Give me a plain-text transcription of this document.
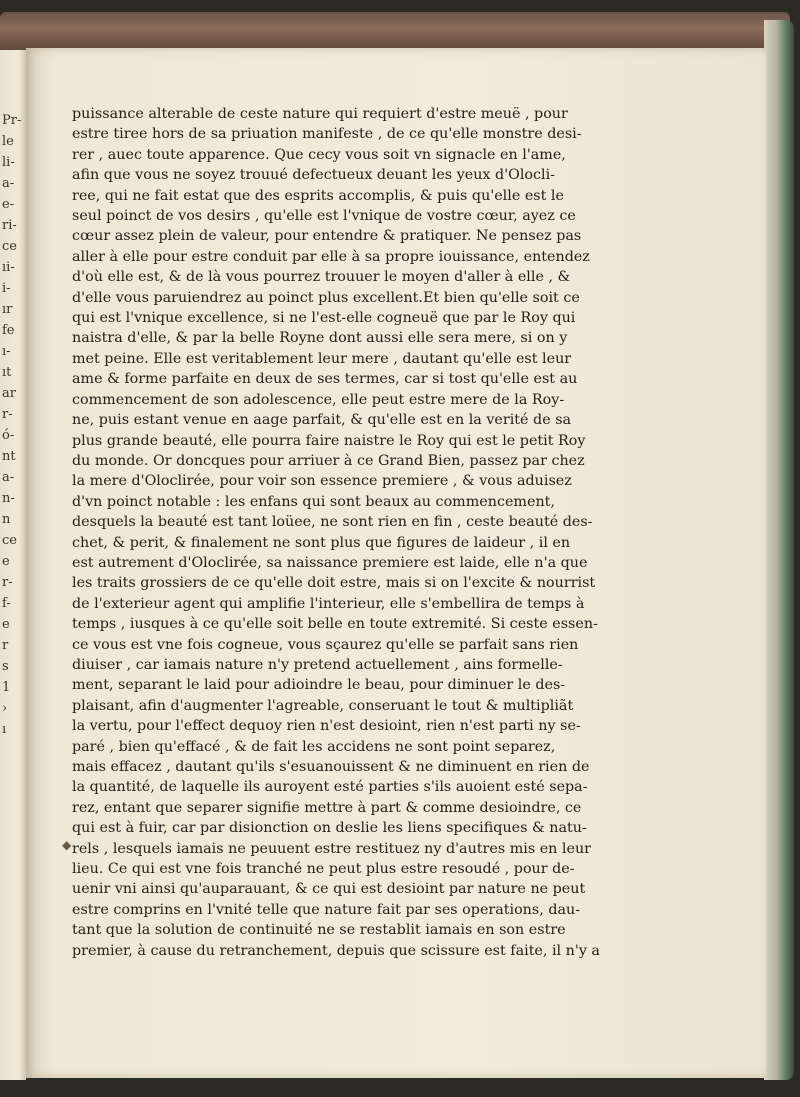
Pr-
le
li-
a-
e-
ri-
ce
ıi-
i-
ır
fe
ı-
ıt
ar
r-
ó-
nt
a-
n-
n
ce
e
r-
f-
e
r
s
1
›
ı
◆
puissance alterable de ceste nature qui requiert d'estre meuë , pour
estre tiree hors de sa priuation manifeste , de ce qu'elle monstre desi-
rer , auec toute apparence. Que cecy vous soit vn signacle en l'ame,
afin que vous ne soyez trouué defectueux deuant les yeux d'Olocli-
ree, qui ne fait estat que des esprits accomplis, & puis qu'elle est le
seul poinct de vos desirs , qu'elle est l'vnique de vostre cœur, ayez ce
cœur assez plein de valeur, pour entendre & pratiquer. Ne pensez pas
aller à elle pour estre conduit par elle à sa propre iouissance, entendez
d'où elle est, & de là vous pourrez trouuer le moyen d'aller à elle , &
d'elle vous paruiendrez au poinct plus excellent.Et bien qu'elle soit ce
qui est l'vnique excellence, si ne l'est-elle cogneuë que par le Roy qui
naistra d'elle, & par la belle Royne dont aussi elle sera mere, si on y
met peine. Elle est veritablement leur mere , dautant qu'elle est leur
ame & forme parfaite en deux de ses termes, car si tost qu'elle est au
commencement de son adolescence, elle peut estre mere de la Roy-
ne, puis estant venue en aage parfait, & qu'elle est en la verité de sa
plus grande beauté, elle pourra faire naistre le Roy qui est le petit Roy
du monde. Or doncques pour arriuer à ce Grand Bien, passez par chez
la mere d'Oloclirée, pour voir son essence premiere , & vous aduisez
d'vn poinct notable : les enfans qui sont beaux au commencement,
desquels la beauté est tant loüee, ne sont rien en fin , ceste beauté des-
chet, & perit, & finalement ne sont plus que figures de laideur , il en
est autrement d'Oloclirée, sa naissance premiere est laide, elle n'a que
les traits grossiers de ce qu'elle doit estre, mais si on l'excite & nourrist
de l'exterieur agent qui amplifie l'interieur, elle s'embellira de temps à
temps , iusques à ce qu'elle soit belle en toute extremité. Si ceste essen-
ce vous est vne fois cogneue, vous sçaurez qu'elle se parfait sans rien
diuiser , car iamais nature n'y pretend actuellement , ains formelle-
ment, separant le laid pour adioindre le beau, pour diminuer le des-
plaisant, afin d'augmenter l'agreable, conseruant le tout & multipliãt
la vertu, pour l'effect dequoy rien n'est desioint, rien n'est parti ny se-
paré , bien qu'effacé , & de fait les accidens ne sont point separez,
mais effacez , dautant qu'ils s'esuanouissent & ne diminuent en rien de
la quantité, de laquelle ils auroyent esté parties s'ils auoient esté sepa-
rez, entant que separer signifie mettre à part & comme desioindre, ce
qui est à fuir, car par disionction on deslie les liens specifiques & natu-
rels , lesquels iamais ne peuuent estre restituez ny d'autres mis en leur
lieu. Ce qui est vne fois tranché ne peut plus estre resoudé , pour de-
uenir vni ainsi qu'auparauant, & ce qui est desioint par nature ne peut
estre comprins en l'vnité telle que nature fait par ses operations, dau-
tant que la solution de continuité ne se restablit iamais en son estre
premier, à cause du retranchement, depuis que scissure est faite, il n'y a
